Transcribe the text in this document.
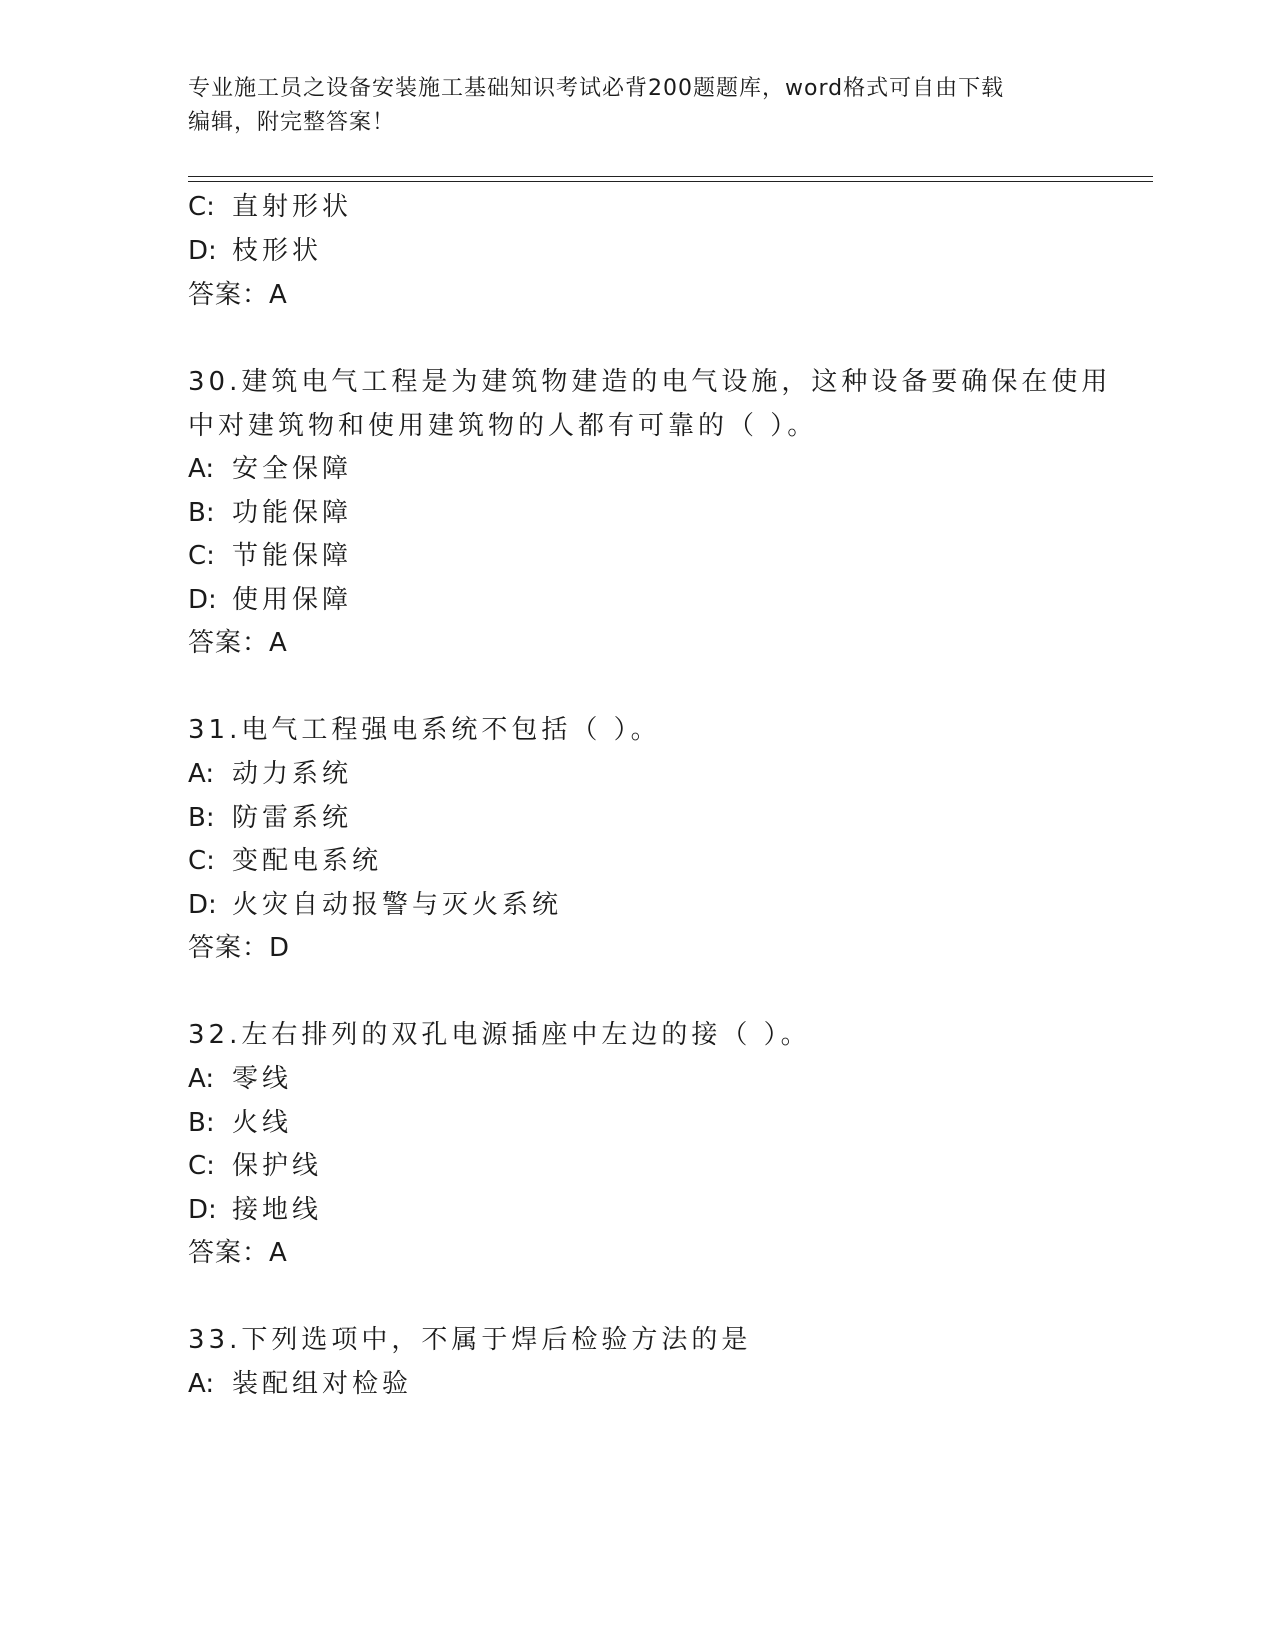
专业施工员之设备安装施工基础知识考试必背200题题库，word格式可自由下载
编辑，附完整答案！
C: 直射形状
D: 枝形状
答案：A
30.建筑电气工程是为建筑物建造的电气设施，这种设备要确保在使用
中对建筑物和使用建筑物的人都有可靠的（ ）。
A: 安全保障
B: 功能保障
C: 节能保障
D: 使用保障
答案：A
31.电气工程强电系统不包括（ ）。
A: 动力系统
B: 防雷系统
C: 变配电系统
D: 火灾自动报警与灭火系统
答案：D
32.左右排列的双孔电源插座中左边的接（ ）。
A: 零线
B: 火线
C: 保护线
D: 接地线
答案：A
33.下列选项中，不属于焊后检验方法的是
A: 装配组对检验
